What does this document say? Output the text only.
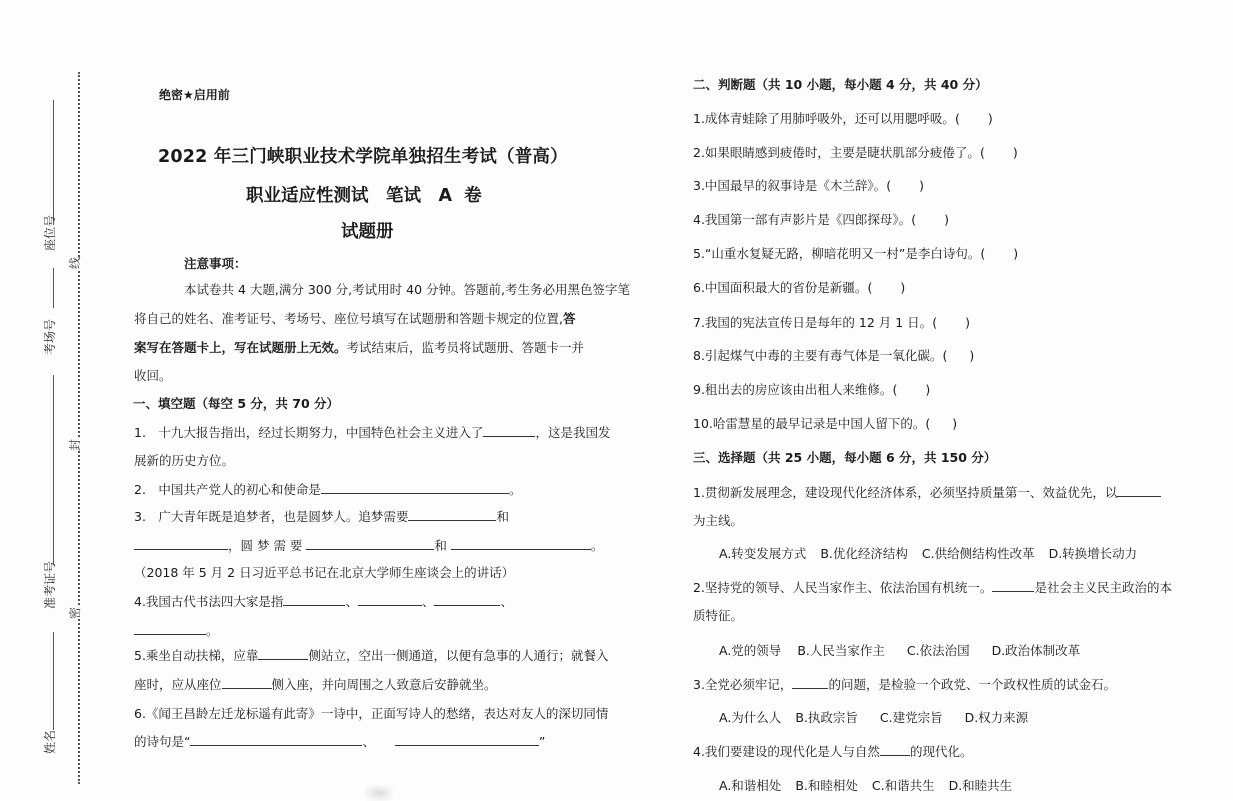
线
封
密
座位号
考场号
准考证号
姓名
绝密★启用前
2022 年三门峡职业技术学院单独招生考试（普高）
职业适应性测试　笔试　A 卷
试题册
注意事项：
本试卷共 4 大题,满分 300 分,考试用时 40 分钟。答题前,考生务必用黑色签字笔
将自己的姓名、准考证号、考场号、座位号填写在试题册和答题卡规定的位置,答
案写在答题卡上，写在试题册上无效。考试结束后，监考员将试题册、答题卡一并
收回。
一、填空题（每空 5 分，共 70 分）
1.　十九大报告指出，经过长期努力，中国特色社会主义进入了	，这是我国发
展新的历史方位。
2.　中国共产党人的初心和使命是	。
3.　广大青年既是追梦者，也是圆梦人。追梦需要	和
，圆 梦 需 要	和	。
（2018 年 5 月 2 日习近平总书记在北京大学师生座谈会上的讲话）
4.我国古代书法四大家是指	、	、	、
。
5.乘坐自动扶梯，应靠	侧站立，空出一侧通道，以便有急事的人通行；就餐入
座时，应从座位	侧入座，并向周围之人致意后安静就坐。
6.《闻王昌龄左迁龙标遥有此寄》一诗中，正面写诗人的愁绪，表达对友人的深切同情
的诗句是“	、	”
二、判断题（共 10 小题，每小题 4 分，共 40 分）
1.成体青蛙除了用肺呼吸外，还可以用腮呼吸。( )
2.如果眼睛感到疲倦时，主要是睫状肌部分疲倦了。( )
3.中国最早的叙事诗是《木兰辞》。( )
4.我国第一部有声影片是《四郎探母》。( )
5.“山重水复疑无路，柳暗花明又一村”是李白诗句。( )
6.中国面积最大的省份是新疆。( )
7.我国的宪法宣传日是每年的 12 月 1 日。( )
8.引起煤气中毒的主要有毒气体是一氧化碳。( )
9.租出去的房应该由出租人来维修。( )
10.哈雷慧星的最早记录是中国人留下的。( )
三、选择题（共 25 小题，每小题 6 分，共 150 分）
1.贯彻新发展理念，建设现代化经济体系，必须坚持质量第一、效益优先，以
为主线。
A.转变发展方式 B.优化经济结构 C.供给侧结构性改革 D.转换增长动力
2.坚持党的领导、人民当家作主、依法治国有机统一。	是社会主义民主政治的本
质特征。
A.党的领导 B.人民当家作主 C.依法治国 D.政治体制改革
3.全党必须牢记，	的问题，是检验一个政党、一个政权性质的试金石。
A.为什么人 B.执政宗旨 C.建党宗旨 D.权力来源
4.我们要建设的现代化是人与自然 的现代化。
A.和谐相处 B.和睦相处 C.和谐共生 D.和睦共生
